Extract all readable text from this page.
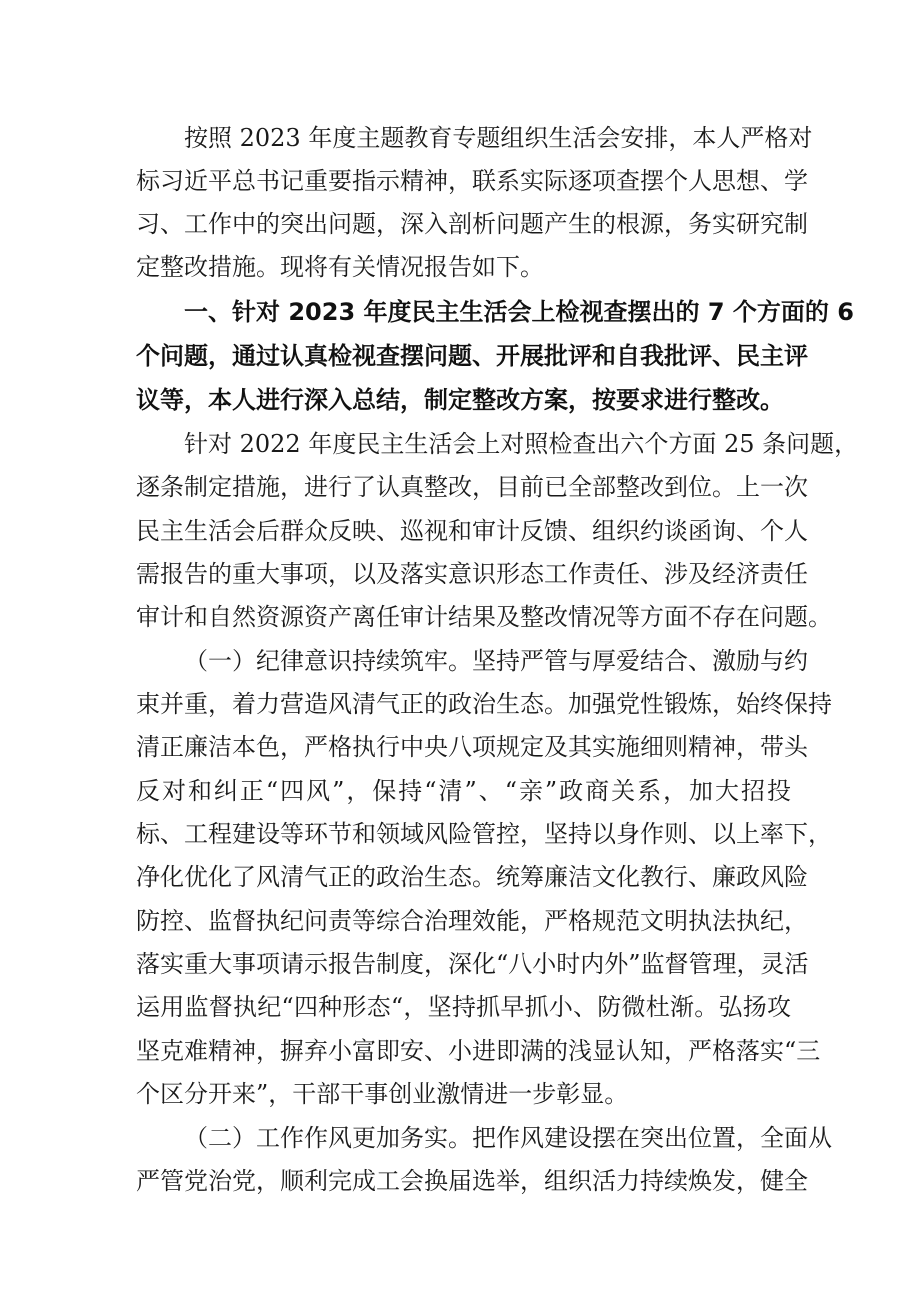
按照 2023 年度主题教育专题组织生活会安排，本人严格对
标习近平总书记重要指示精神，联系实际逐项查摆个人思想、学
习、工作中的突出问题，深入剖析问题产生的根源，务实研究制
定整改措施。现将有关情况报告如下。
一、针对 2023 年度民主生活会上检视查摆出的 7 个方面的 6
个问题，通过认真检视查摆问题、开展批评和自我批评、民主评
议等，本人进行深入总结，制定整改方案，按要求进行整改。
针对 2022 年度民主生活会上对照检查出六个方面 25 条问题，
逐条制定措施，进行了认真整改，目前已全部整改到位。上一次
民主生活会后群众反映、巡视和审计反馈、组织约谈函询、个人
需报告的重大事项，以及落实意识形态工作责任、涉及经济责任
审计和自然资源资产离任审计结果及整改情况等方面不存在问题。
（一）纪律意识持续筑牢。坚持严管与厚爱结合、激励与约
束并重，着力营造风清气正的政治生态。加强党性锻炼，始终保持
清正廉洁本色，严格执行中央八项规定及其实施细则精神，带头
反对和纠正“四风”，保持“清”、“亲”政商关系，加大招投
标、工程建设等环节和领域风险管控，坚持以身作则、以上率下，
净化优化了风清气正的政治生态。统筹廉洁文化教行、廉政风险
防控、监督执纪问责等综合治理效能，严格规范文明执法执纪，
落实重大事项请示报告制度，深化“八小时内外”监督管理，灵活
运用监督执纪“四种形态“，坚持抓早抓小、防微杜渐。弘扬攻
坚克难精神，摒弃小富即安、小进即满的浅显认知，严格落实“三
个区分开来”，干部干事创业激情进一步彰显。
（二）工作作风更加务实。把作风建设摆在突出位置，全面从
严管党治党，顺利完成工会换届选举，组织活力持续焕发，健全
